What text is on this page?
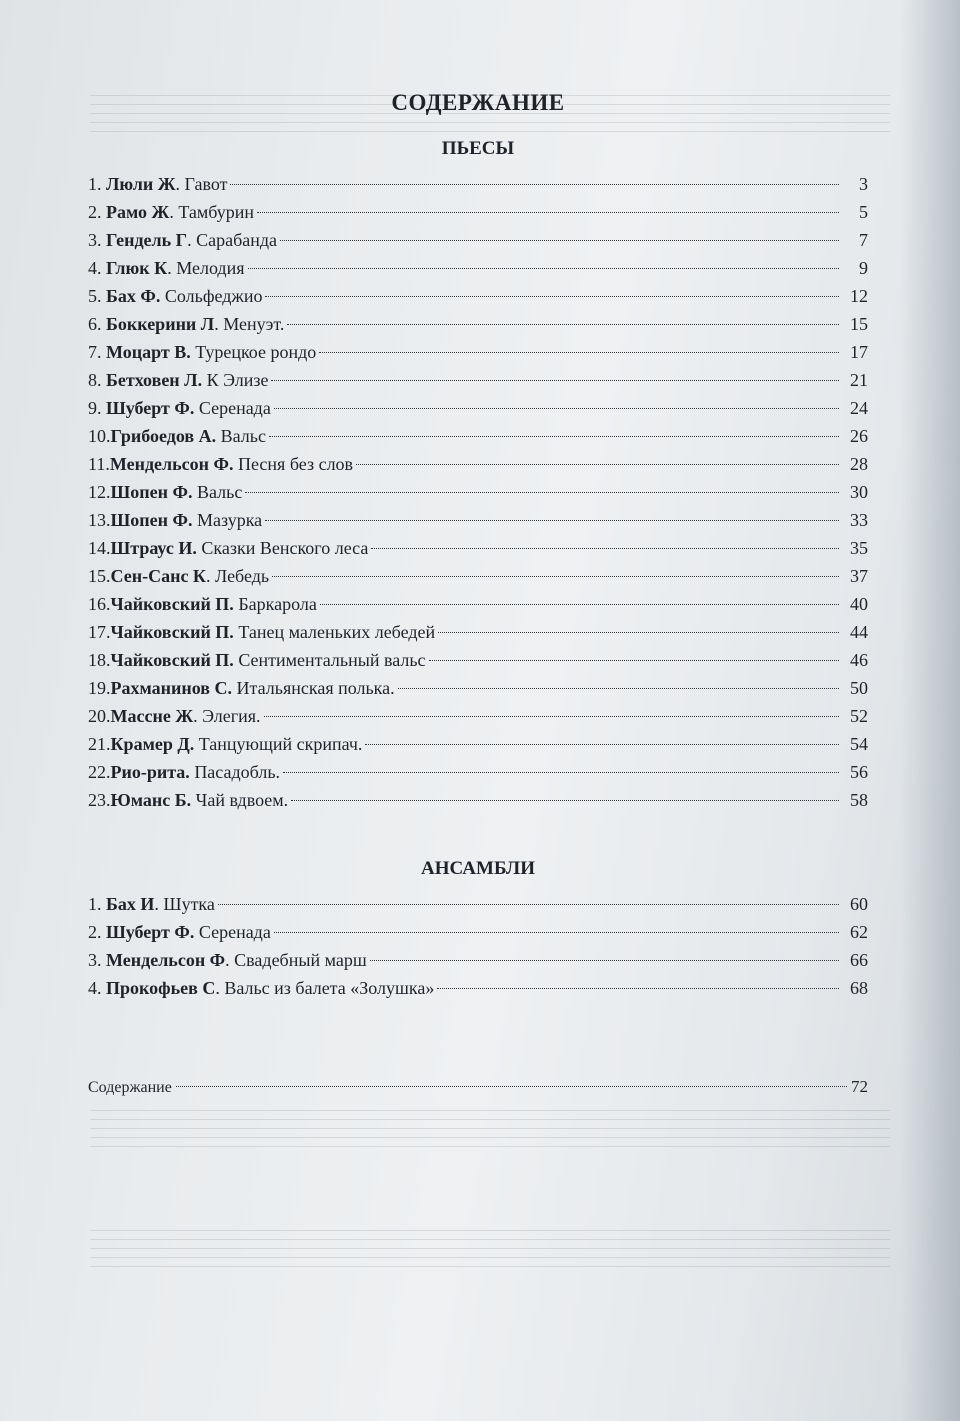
СОДЕРЖАНИЕ
ПЬЕСЫ
1. Люли Ж . Гавот	3
2. Рамо Ж . Тамбурин	5
3. Гендель Г . Сарабанда	7
4. Глюк К . Мелодия	9
5. Бах Ф.
Сольфеджио	12
6. Боккерини Л . Менуэт.	15
7. Моцарт В.
Турецкое рондо	17
8. Бетховен Л.
К Элизе	21
9. Шуберт Ф.
Серенада	24
10. Грибоедов А.
Вальс	26
11. Мендельсон Ф.
Песня без слов	28
12. Шопен Ф.
Вальс	30
13. Шопен Ф.
Мазурка	33
14. Штраус И.
Сказки Венского леса	35
15. Сен-Санс К . Лебедь	37
16. Чайковский П.
Баркарола	40
17. Чайковский П.
Танец маленьких лебедей	44
18. Чайковский П.
Сентиментальный вальс	46
19. Рахманинов С.
Итальянская полька.	50
20. Массне Ж . Элегия.	52
21. Крамер Д.
Танцующий скрипач.	54
22. Рио-рита.
Пасадобль.	56
23. Юманс Б.
Чай вдвоем.	58
АНСАМБЛИ
1. Бах И . Шутка	60
2. Шуберт Ф.
Серенада	62
3. Мендельсон Ф . Свадебный марш	66
4. Прокофьев С . Вальс из балета «Золушка»	68
Содержание	72
